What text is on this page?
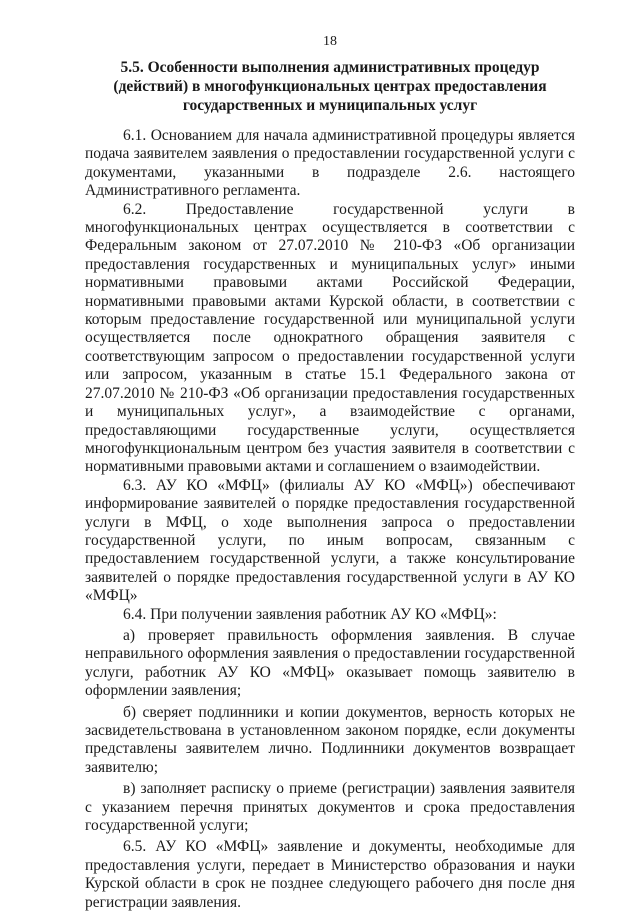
18
5.5. Особенности выполнения административных процедур
(действий) в многофункциональных центрах предоставления
государственных и муниципальных услуг

6.1. Основанием для начала административной процедуры является подача заявителем заявления о предоставлении государственной услуги с документами, указанными в подразделе 2.6. настоящего Административного регламента.

6.2. Предоставление государственной услуги в многофункциональных центрах осуществляется в соответствии с Федеральным законом от 27.07.2010 № 210-ФЗ «Об организации предоставления государственных и муниципальных услуг» иными нормативными правовыми актами Российской Федерации, нормативными правовыми актами Курской области, в соответствии с которым предоставление государственной или муниципальной услуги осуществляется после однократного обращения заявителя с соответствующим запросом о предоставлении государственной услуги или запросом, указанным в статье 15.1 Федерального закона от 27.07.2010 № 210-ФЗ «Об организации предоставления государственных и муниципальных услуг», а взаимодействие с органами, предоставляющими государственные услуги, осуществляется многофункциональным центром без участия заявителя в соответствии с нормативными правовыми актами и соглашением о взаимодействии.

6.3. АУ КО «МФЦ» (филиалы АУ КО «МФЦ») обеспечивают информирование заявителей о порядке предоставления государственной услуги в МФЦ, о ходе выполнения запроса о предоставлении государственной услуги, по иным вопросам, связанным с предоставлением государственной услуги, а также консультирование заявителей о порядке предоставления государственной услуги в АУ КО «МФЦ»

6.4. При получении заявления работник АУ КО «МФЦ»:

а) проверяет правильность оформления заявления. В случае неправильного оформления заявления о предоставлении государственной услуги, работник АУ КО «МФЦ» оказывает помощь заявителю в оформлении заявления;

б) сверяет подлинники и копии документов, верность которых не засвидетельствована в установленном законом порядке, если документы представлены заявителем лично. Подлинники документов возвращает заявителю;

в) заполняет расписку о приеме (регистрации) заявления заявителя с указанием перечня принятых документов и срока предоставления государственной услуги;

6.5. АУ КО «МФЦ» заявление и документы, необходимые для предоставления услуги, передает в Министерство образования и науки Курской области в срок не позднее следующего рабочего дня после дня регистрации заявления.
